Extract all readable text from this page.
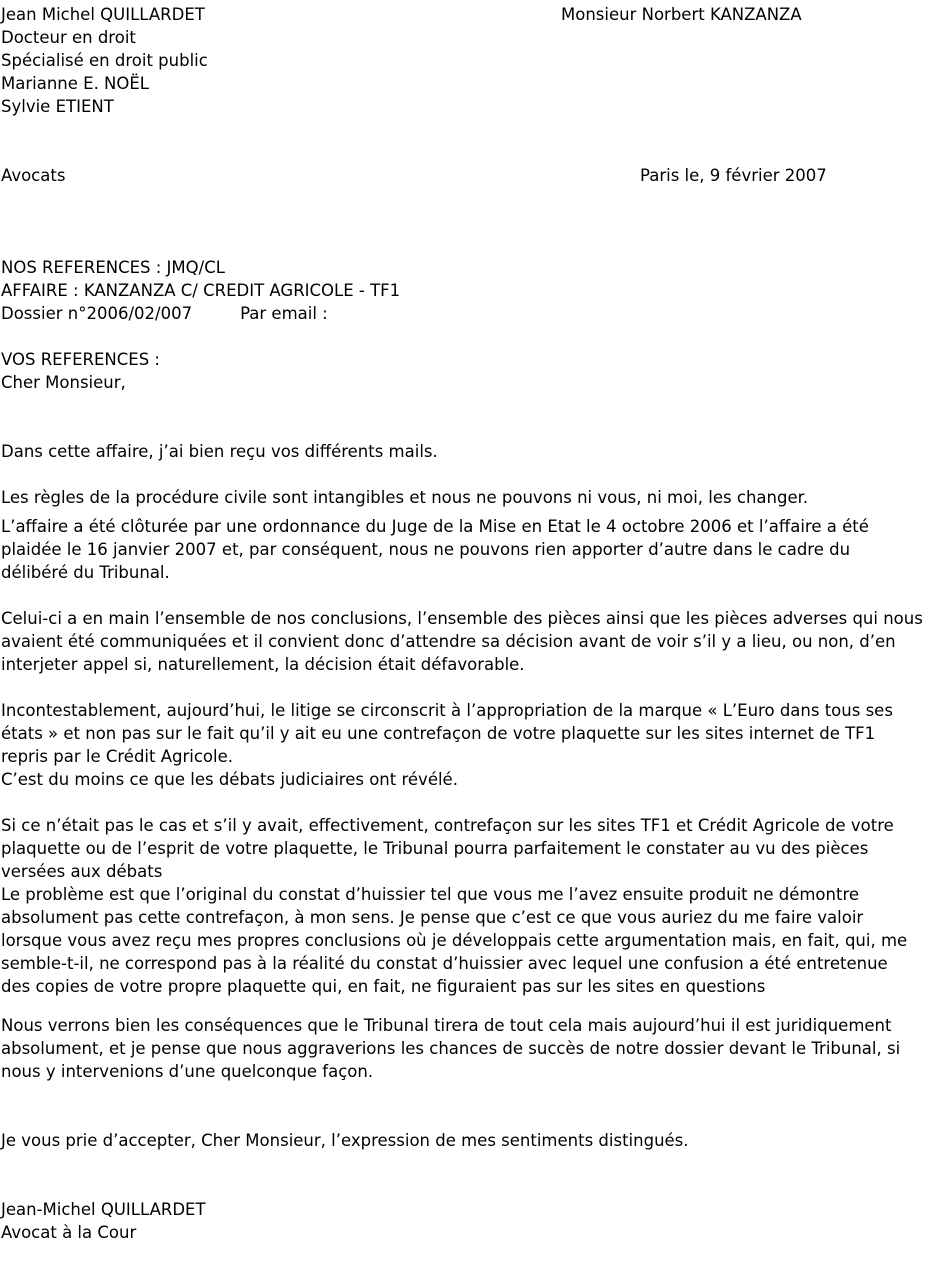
Jean Michel QUILLARDET
Docteur en droit
Spécialisé en droit public
Marianne E. NOËL
Sylvie ETIENT
Monsieur Norbert KANZANZA
Avocats	Paris le, 9 février 2007
NOS REFERENCES : JMQ/CL
AFFAIRE : KANZANZA C/ CREDIT AGRICOLE - TF1
Dossier n°2006/02/007	Par email :
VOS REFERENCES :
Cher Monsieur,
Dans cette affaire, j’ai bien reçu vos différents mails.
Les règles de la procédure civile sont intangibles et nous ne pouvons ni vous, ni moi, les changer.
L’affaire a été clôturée par une ordonnance du Juge de la Mise en Etat le 4 octobre 2006 et l’affaire a été
plaidée le 16 janvier 2007 et, par conséquent, nous ne pouvons rien apporter d’autre dans le cadre du
délibéré du Tribunal.
Celui-ci a en main l’ensemble de nos conclusions, l’ensemble des pièces ainsi que les pièces adverses qui nous
avaient été communiquées et il convient donc d’attendre sa décision avant de voir s’il y a lieu, ou non, d’en
interjeter appel si, naturellement, la décision était défavorable.
Incontestablement, aujourd’hui, le litige se circonscrit à l’appropriation de la marque « L’Euro dans tous ses
états » et non pas sur le fait qu’il y ait eu une contrefaçon de votre plaquette sur les sites internet de TF1
repris par le Crédit Agricole.
C’est du moins ce que les débats judiciaires ont révélé.
Si ce n’était pas le cas et s’il y avait, effectivement, contrefaçon sur les sites TF1 et Crédit Agricole de votre
plaquette ou de l’esprit de votre plaquette, le Tribunal pourra parfaitement le constater au vu des pièces
versées aux débats
Le problème est que l’original du constat d’huissier tel que vous me l’avez ensuite produit ne démontre
absolument pas cette contrefaçon, à mon sens. Je pense que c’est ce que vous auriez du me faire valoir
lorsque vous avez reçu mes propres conclusions où je développais cette argumentation mais, en fait, qui, me
semble-t-il, ne correspond pas à la réalité du constat d’huissier avec lequel une confusion a été entretenue
des copies de votre propre plaquette qui, en fait, ne figuraient pas sur les sites en questions
Nous verrons bien les conséquences que le Tribunal tirera de tout cela mais aujourd’hui il est juridiquement
absolument, et je pense que nous aggraverions les chances de succès de notre dossier devant le Tribunal, si
nous y intervenions d’une quelconque façon.
Je vous prie d’accepter, Cher Monsieur, l’expression de mes sentiments distingués.
Jean-Michel QUILLARDET
Avocat à la Cour
